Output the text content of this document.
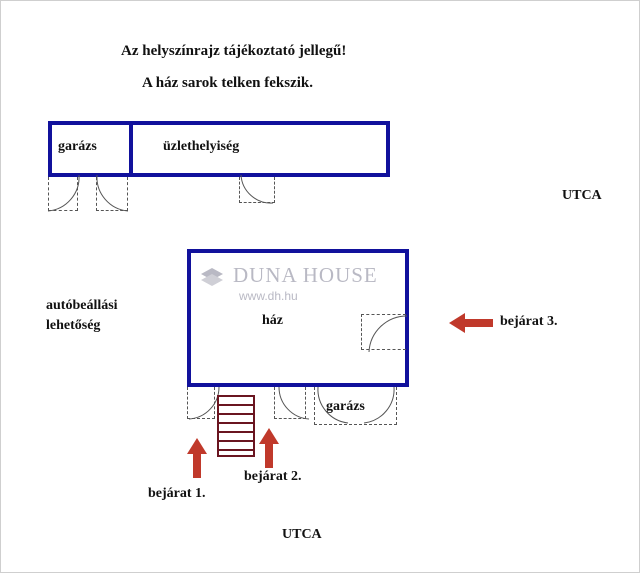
Az helyszínrajz tájékoztató jellegű!
A ház sarok telken fekszik.
garázs	üzlethelyiség
UTCA
ház
DUNA HOUSE
www.dh.hu
autóbeállási
lehetőség	bejárat 3.
garázs
bejárat 1.
bejárat 2.
UTCA
